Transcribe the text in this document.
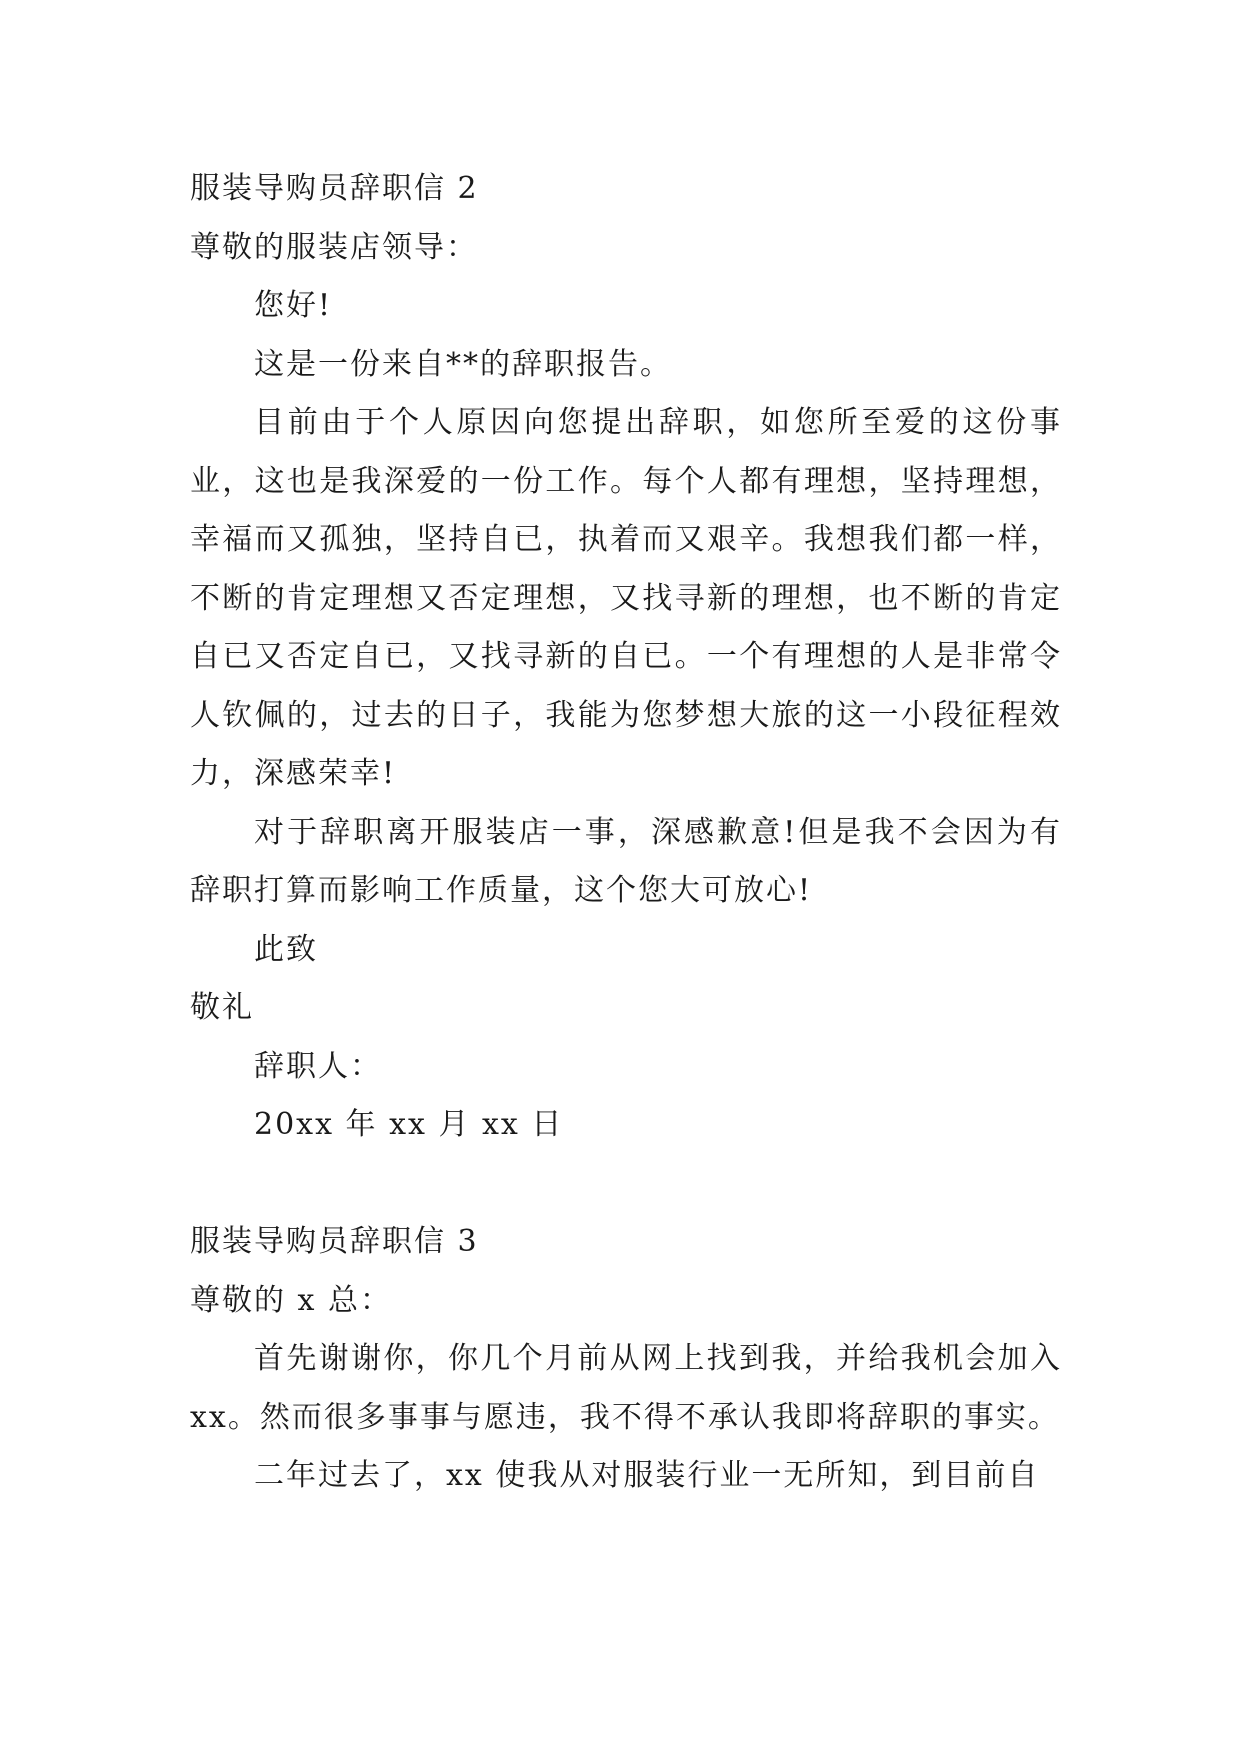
服装导购员辞职信 2
尊敬的服装店领导：
您好!
这是一份来自**的辞职报告。

目前由于个人原因向您提出辞职，如您所至爱的这份事业，这也是我深爱的一份工作。每个人都有理想，坚持理想，幸福而又孤独，坚持自已，执着而又艰辛。我想我们都一样，不断的肯定理想又否定理想，又找寻新的理想，也不断的肯定自已又否定自已，又找寻新的自已。一个有理想的人是非常令人钦佩的，过去的日子，我能为您梦想大旅的这一小段征程效力，深感荣幸!

对于辞职离开服装店一事，深感歉意!但是我不会因为有辞职打算而影响工作质量，这个您大可放心!

此致
敬礼
辞职人：
20xx 年 xx 月 xx 日
服装导购员辞职信 3
尊敬的 x 总：

首先谢谢你，你几个月前从网上找到我，并给我机会加入 xx。然而很多事事与愿违，我不得不承认我即将辞职的事实。

二年过去了，xx 使我从对服装行业一无所知，到目前自
